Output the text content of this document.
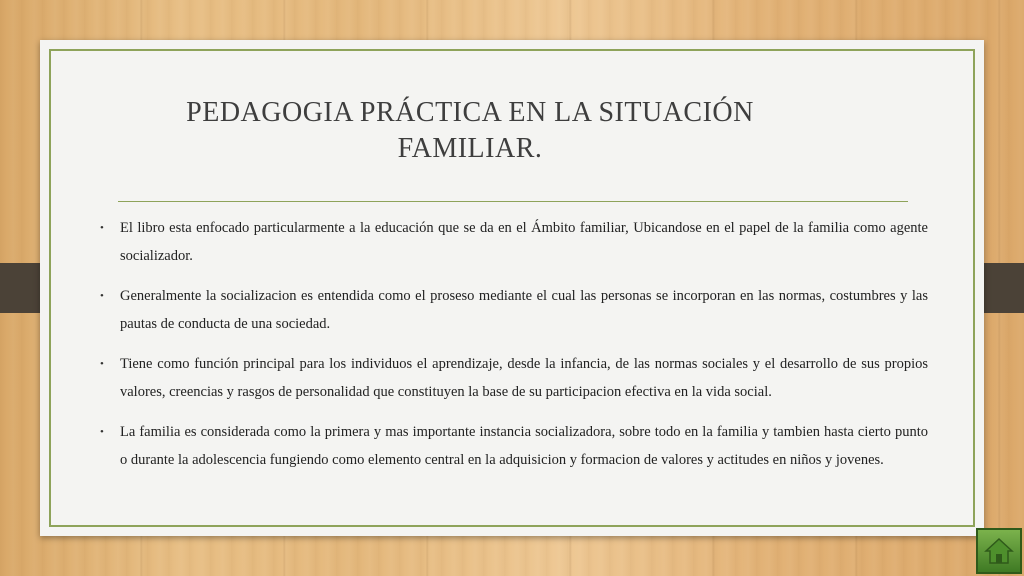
PEDAGOGIA PRÁCTICA EN LA SITUACIÓN
FAMILIAR.
• El libro esta enfocado particularmente a la educación que se da en el Ámbito familiar, Ubicandose en el papel de la familia como agente socializador.
• Generalmente la socializacion es entendida como el proseso mediante el cual las personas se incorporan en las normas, costumbres y las pautas de conducta de una sociedad.
• Tiene como función principal para los individuos el aprendizaje, desde la infancia, de las normas sociales y el desarrollo de sus propios valores, creencias y rasgos de personalidad que constituyen la base de su participacion efectiva en la vida social.
• La familia es considerada como la primera y mas importante instancia socializadora, sobre todo en la familia y tambien hasta cierto punto o durante la adolescencia fungiendo como elemento central en la adquisicion y formacion de valores y actitudes en niños y jovenes.
